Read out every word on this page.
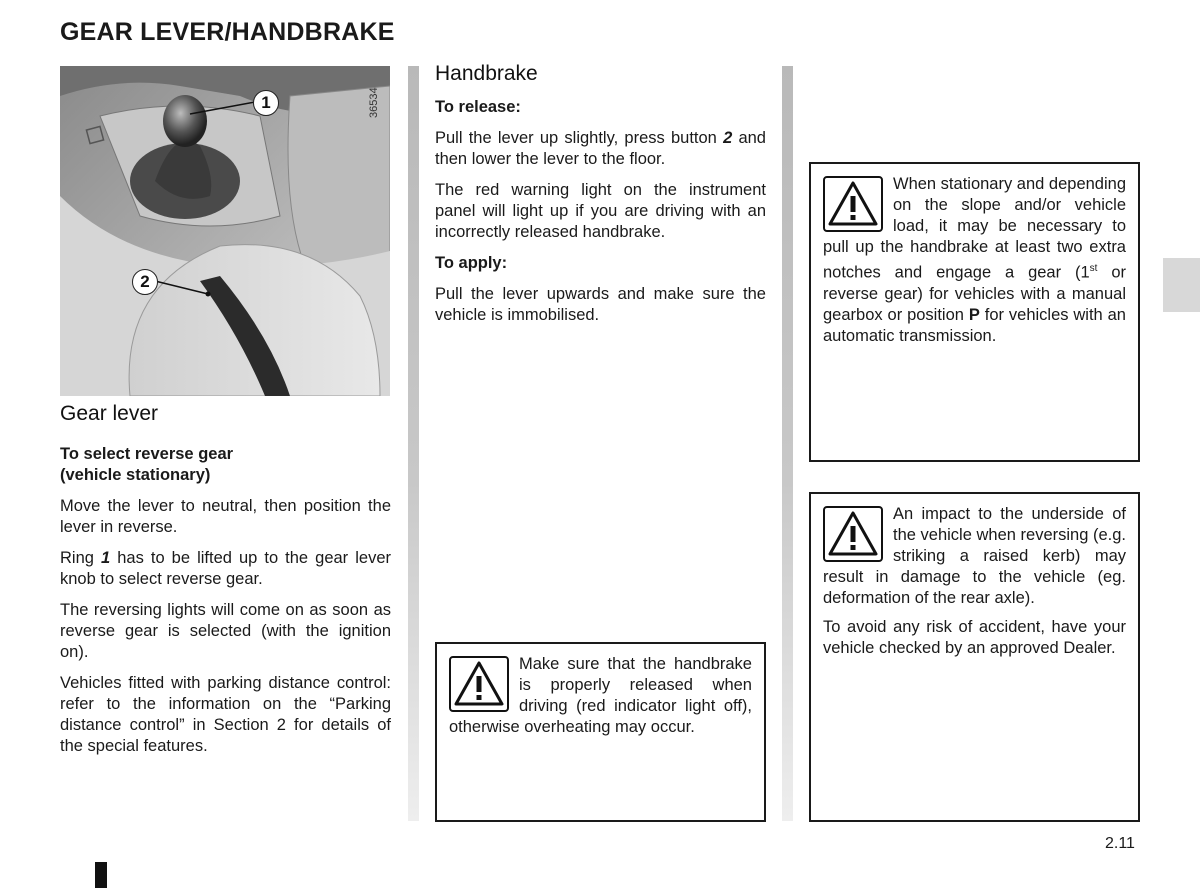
GEAR LEVER/HANDBRAKE
1
2
36534
Gear lever
To select reverse gear
(vehicle stationary)

Move the lever to neutral, then position the lever in reverse.

Ring 1 has to be lifted up to the gear lever knob to select reverse gear.

The reversing lights will come on as soon as reverse gear is selected (with the ignition on).

Vehicles fitted with parking distance control: refer to the information on the “Parking distance control” in Section 2 for details of the special features.

Handbrake
To release:

Pull the lever up slightly, press button 2 and then lower the lever to the floor.

The red warning light on the instrument panel will light up if you are driving with an incorrectly released handbrake.

To apply:

Pull the lever upwards and make sure the vehicle is immobilised.

Make sure that the handbrake is properly released when driving (red indicator light off), otherwise overheating may occur.

When stationary and depending on the slope and/or vehicle load, it may be necessary to pull up the handbrake at least two extra notches and engage a gear (1st or reverse gear) for vehicles with a manual gearbox or position P for vehicles with an automatic transmission.

An impact to the underside of the vehicle when reversing (e.g. striking a raised kerb) may result in damage to the vehicle (eg. deformation of the rear axle).

To avoid any risk of accident, have your vehicle checked by an approved Dealer.

2.11
